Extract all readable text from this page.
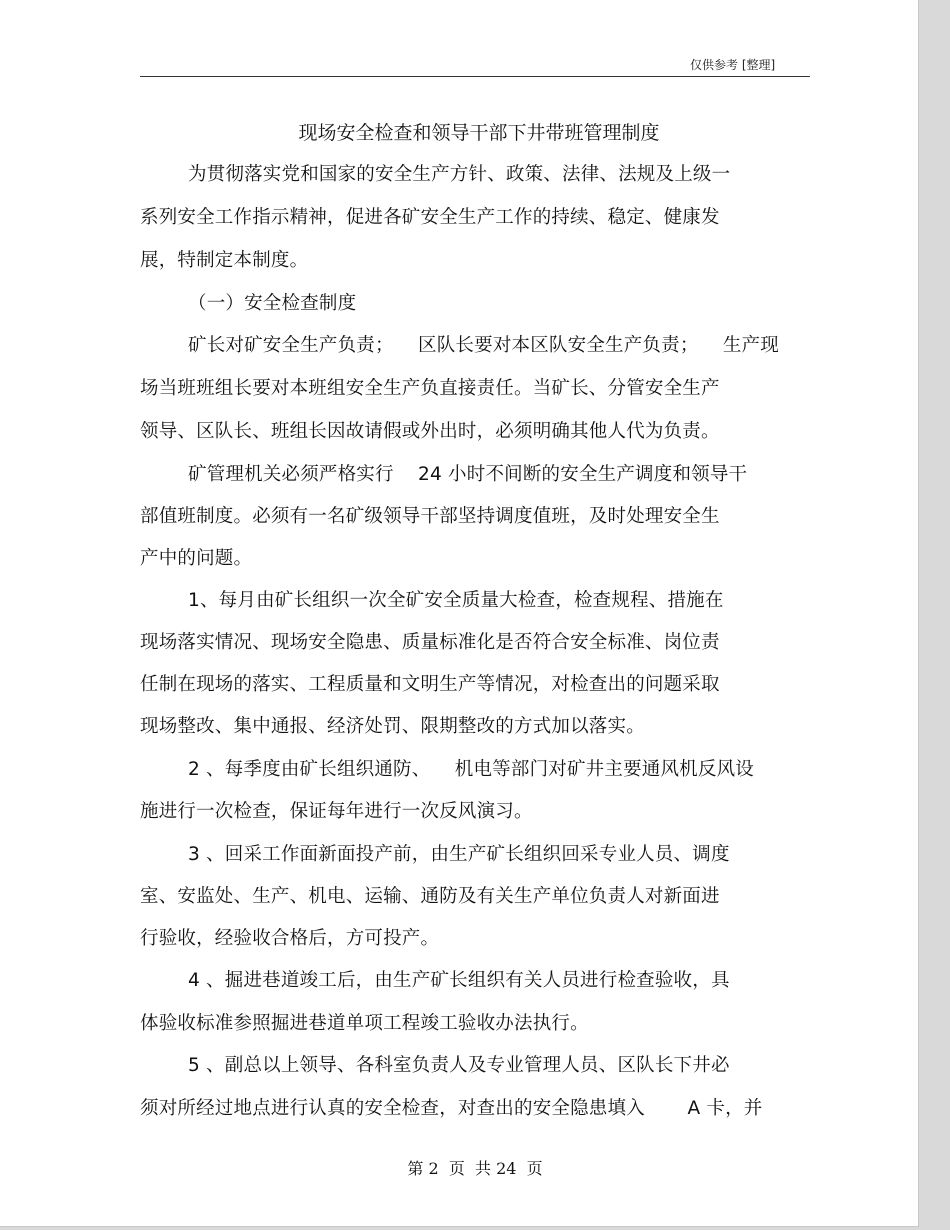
仅供参考 [整理]
现场安全检查和领导干部下井带班管理制度
为贯彻落实党和国家的安全生产方针、政策、法律、法规及上级一
系列安全工作指示精神，促进各矿安全生产工作的持续、稳定、健康发
展，特制定本制度。
（一）安全检查制度
矿长对矿安全生产负责；    区队长要对本区队安全生产负责；    生产现
场当班班组长要对本班组安全生产负直接责任。当矿长、分管安全生产
领导、区队长、班组长因故请假或外出时，必须明确其他人代为负责。
矿管理机关必须严格实行    24 小时不间断的安全生产调度和领导干
部值班制度。必须有一名矿级领导干部坚持调度值班，及时处理安全生
产中的问题。
1、每月由矿长组织一次全矿安全质量大检查，检查规程、措施在
现场落实情况、现场安全隐患、质量标准化是否符合安全标准、岗位责
任制在现场的落实、工程质量和文明生产等情况，对检查出的问题采取
现场整改、集中通报、经济处罚、限期整改的方式加以落实。
2 、每季度由矿长组织通防、    机电等部门对矿井主要通风机反风设
施进行一次检查，保证每年进行一次反风演习。
3 、回采工作面新面投产前，由生产矿长组织回采专业人员、调度
室、安监处、生产、机电、运输、通防及有关生产单位负责人对新面进
行验收，经验收合格后，方可投产。
4 、掘进巷道竣工后，由生产矿长组织有关人员进行检查验收，具
体验收标准参照掘进巷道单项工程竣工验收办法执行。
5 、副总以上领导、各科室负责人及专业管理人员、区队长下井必
须对所经过地点进行认真的安全检查，对查出的安全隐患填入       A 卡，并
第 2  页  共 24  页
